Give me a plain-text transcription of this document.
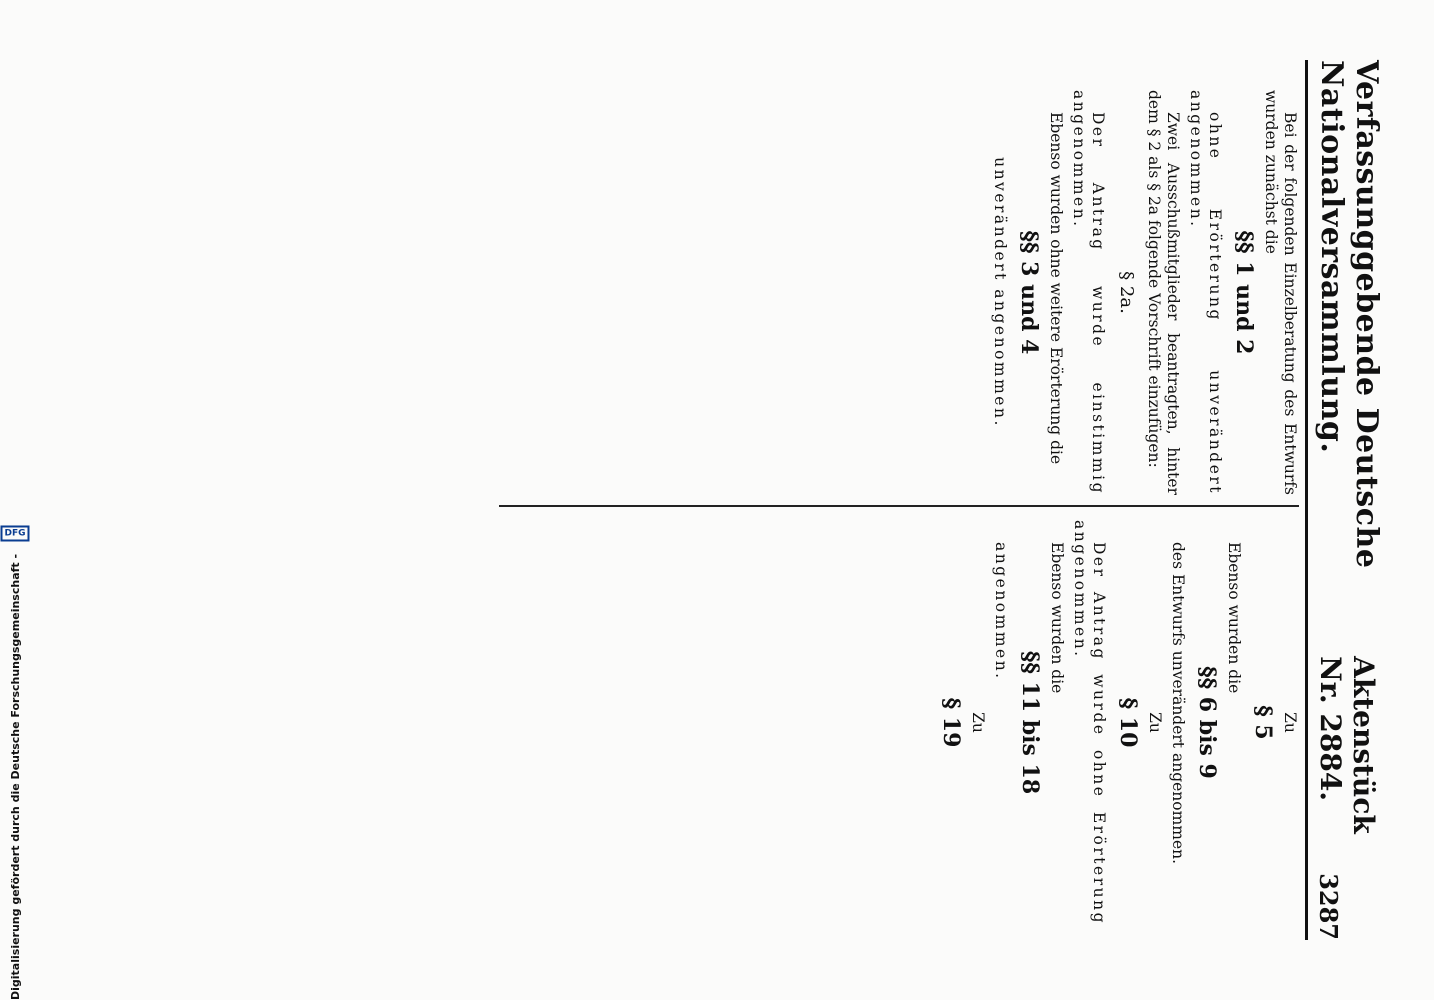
Verfassunggebende Deutsche Nationalversammlung.
Aktenstück Nr. 2884.
3287

Bei der folgenden Einzelberatung des Entwurfs wurden zunächst die

§§ 1 und 2

ohne Erörterung unverändert angenommen.

Zwei Ausschußmitglieder beantragten, hinter dem § 2 als § 2a folgende Vorschrift einzufügen:

§ 2a.

Der Antrag wurde einstimmig angenommen.

Ebenso wurden ohne weitere Erörterung die

§§ 3 und 4

unverändert angenommen.

Zu

§ 5

Ebenso wurden die

§§ 6 bis 9

des Entwurfs unverändert angenommen.

Zu

§ 10

Der Antrag wurde ohne Erörterung angenommen.

Ebenso wurden die

§§ 11 bis 18

angenommen.

Zu

§ 19

Digitalisierung gefördert durch die Deutsche Forschungsgemeinschaft -
DFG
